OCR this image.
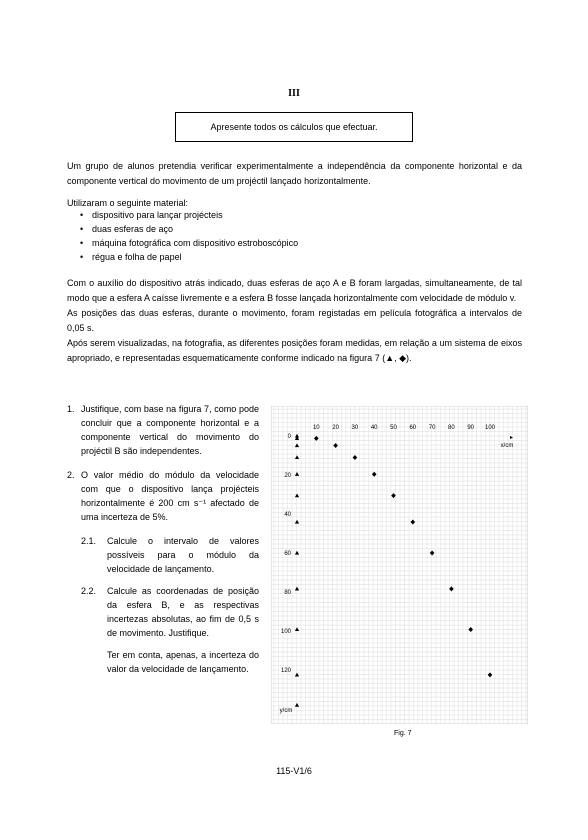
III
Apresente todos os cálculos que efectuar.

Um grupo de alunos pretendia verificar experimentalmente a independência da componente horizontal e da componente vertical do movimento de um projéctil lançado horizontalmente.

Utilizaram o seguinte material:

• dispositivo para lançar projécteis
• duas esferas de aço
• máquina fotográfica com dispositivo estroboscópico
• régua e folha de papel

Com o auxílio do dispositivo atrás indicado, duas esferas de aço A e B foram largadas, simultaneamente, de tal modo que a esfera A caísse livremente e a esfera B fosse lançada horizontalmente com velocidade de módulo v.

As posições das duas esferas, durante o movimento, foram registadas em película fotográfica a intervalos de 0,05 s.

Após serem visualizadas, na fotografia, as diferentes posições foram medidas, em relação a um sistema de eixos apropriado, e representadas esquematicamente conforme indicado na figura 7 (▲, ◆).

1. Justifique, com base na figura 7, como pode concluir que a componente horizontal e a componente vertical do movimento do projéctil B são independentes.
2. O valor médio do módulo da velocidade com que o dispositivo lança projécteis horizontalmente é 200 cm s⁻¹ afectado de uma incerteza de 5%.
2.1.	Calcule o intervalo de valores possíveis para o módulo da velocidade de lançamento.
2.2.	Calcule as coordenadas de posição da esfera B, e as respectivas incertezas absolutas, ao fim de 0,5 s de movimento. Justifique.

Ter em conta, apenas, a incerteza do valor da velocidade de lançamento.

10 20 30 40 50 60 70 80 90 100
x/cm
0
20
40
60
80
100
120
y/cm
Fig. 7
115-V1/6
